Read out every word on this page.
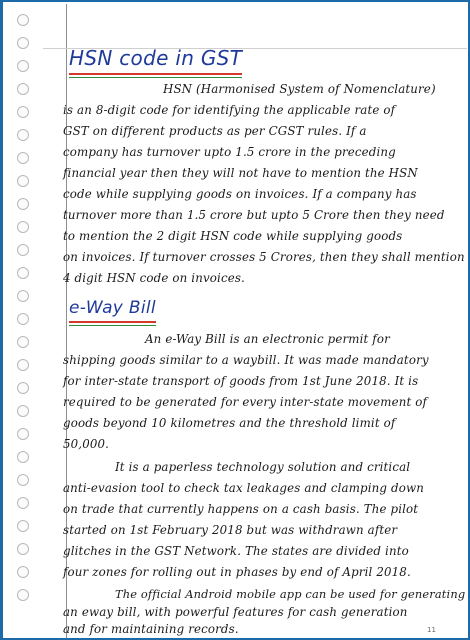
HSN code in GST
HSN (Harmonised System of Nomenclature)
is an 8-digit code for identifying the applicable rate of
GST on different products as per CGST rules. If a
company has turnover upto 1.5 crore in the preceding
financial year then they will not have to mention the HSN
code while supplying goods on invoices. If a company has
turnover more than 1.5 crore but upto 5 Crore then they need
to mention the 2 digit HSN code while supplying goods
on invoices. If turnover crosses 5 Crores, then they shall mention
4 digit HSN code on invoices.
e-Way Bill
An e-Way Bill is an electronic permit for
shipping goods similar to a waybill. It was made mandatory
for inter-state transport of goods from 1st June 2018. It is
required to be generated for every inter-state movement of
goods beyond 10 kilometres and the threshold limit of
50,000.
It is a paperless technology solution and critical
anti-evasion tool to check tax leakages and clamping down
on trade that currently happens on a cash basis. The pilot
started on 1st February 2018 but was withdrawn after
glitches in the GST Network. The states are divided into
four zones for rolling out in phases by end of April 2018.
The official Android mobile app can be used for generating
an eway bill, with powerful features for cash generation
and for maintaining records.	11
